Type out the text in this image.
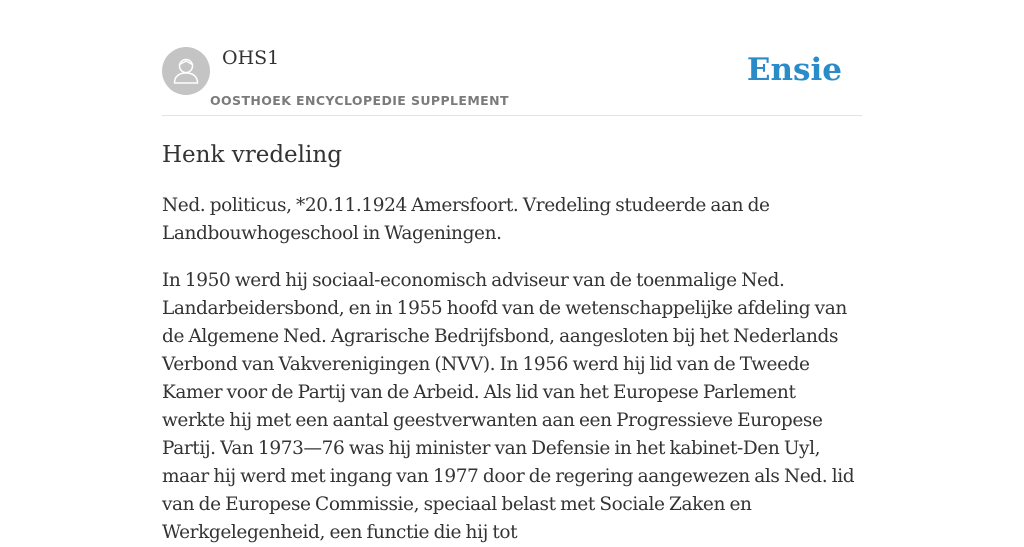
OHS1
OOSTHOEK ENCYCLOPEDIE SUPPLEMENT
Ensie
Henk vredeling

Ned. politicus, *20.11.1924 Amersfoort. Vredeling studeerde aan de Landbouwhogeschool in Wageningen.

In 1950 werd hij sociaal-economisch adviseur van de toenmalige Ned. Landarbeidersbond, en in 1955 hoofd van de wetenschappelijke afdeling van de Algemene Ned. Agrarische Bedrijfsbond, aangesloten bij het Nederlands Verbond van Vakverenigingen (NVV). In 1956 werd hij lid van de Tweede Kamer voor de Partij van de Arbeid. Als lid van het Europese Parlement werkte hij met een aantal geestverwanten aan een Progressieve Europese Partij. Van 1973—76 was hij minister van Defensie in het kabinet-Den Uyl, maar hij werd met ingang van 1977 door de regering aangewezen als Ned. lid van de Europese Commissie, speciaal belast met Sociale Zaken en Werkgelegenheid, een functie die hij tot
